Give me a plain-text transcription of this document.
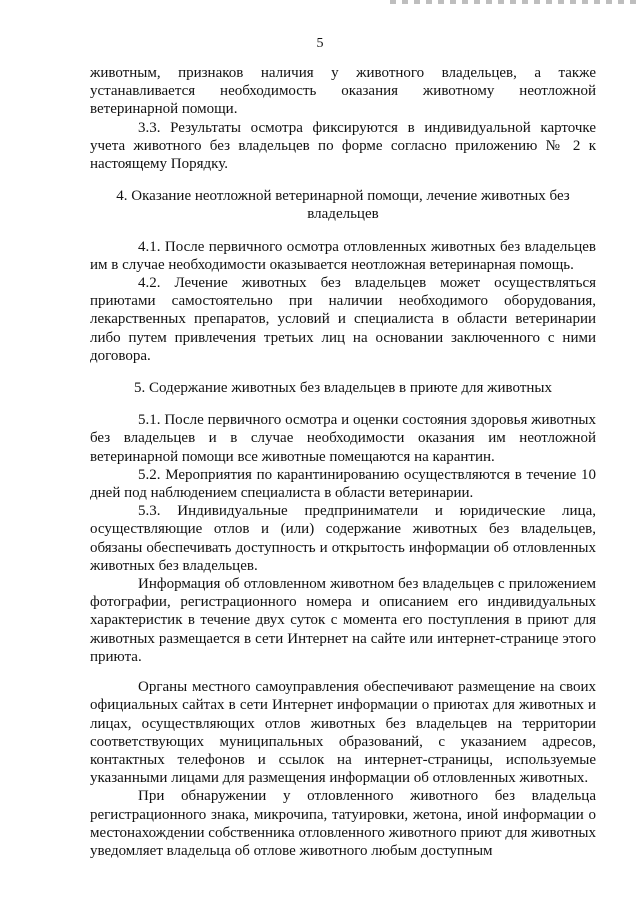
5

животным, признаков наличия у животного владельцев, а также устанавливается необходимость оказания животному неотложной ветеринарной помощи.

3.3. Результаты осмотра фиксируются в индивидуальной карточке учета животного без владельцев по форме согласно приложению № 2 к настоящему Порядку.

4. Оказание неотложной ветеринарной помощи, лечение животных без владельцев

4.1. После первичного осмотра отловленных животных без владельцев им в случае необходимости оказывается неотложная ветеринарная помощь.

4.2. Лечение животных без владельцев может осуществляться приютами самостоятельно при наличии необходимого оборудования, лекарственных препаратов, условий и специалиста в области ветеринарии либо путем привлечения третьих лиц на основании заключенного с ними договора.

5. Содержание животных без владельцев в приюте для животных

5.1. После первичного осмотра и оценки состояния здоровья животных без владельцев и в случае необходимости оказания им неотложной ветеринарной помощи все животные помещаются на карантин.

5.2. Мероприятия по карантинированию осуществляются в течение 10 дней под наблюдением специалиста в области ветеринарии.

5.3. Индивидуальные предприниматели и юридические лица, осуществляющие отлов и (или) содержание животных без владельцев, обязаны обеспечивать доступность и открытость информации об отловленных животных без владельцев.

Информация об отловленном животном без владельцев с приложением фотографии, регистрационного номера и описанием его индивидуальных характеристик в течение двух суток с момента его поступления в приют для животных размещается в сети Интернет на сайте или интернет-странице этого приюта.

Органы местного самоуправления обеспечивают размещение на своих официальных сайтах в сети Интернет информации о приютах для животных и лицах, осуществляющих отлов животных без владельцев на территории соответствующих муниципальных образований, с указанием адресов, контактных телефонов и ссылок на интернет-страницы, используемые указанными лицами для размещения информации об отловленных животных.

При обнаружении у отловленного животного без владельца регистрационного знака, микрочипа, татуировки, жетона, иной информации о местонахождении собственника отловленного животного приют для животных уведомляет владельца об отлове животного любым доступным
